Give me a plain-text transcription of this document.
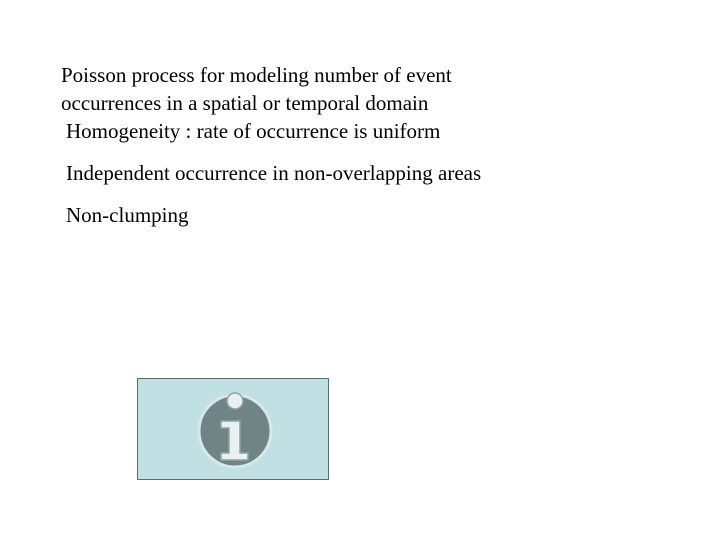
Poisson process for modeling number of event occurrences in a spatial or temporal domain

Homogeneity : rate of occurrence is uniform

Independent occurrence in non-overlapping areas

Non-clumping
